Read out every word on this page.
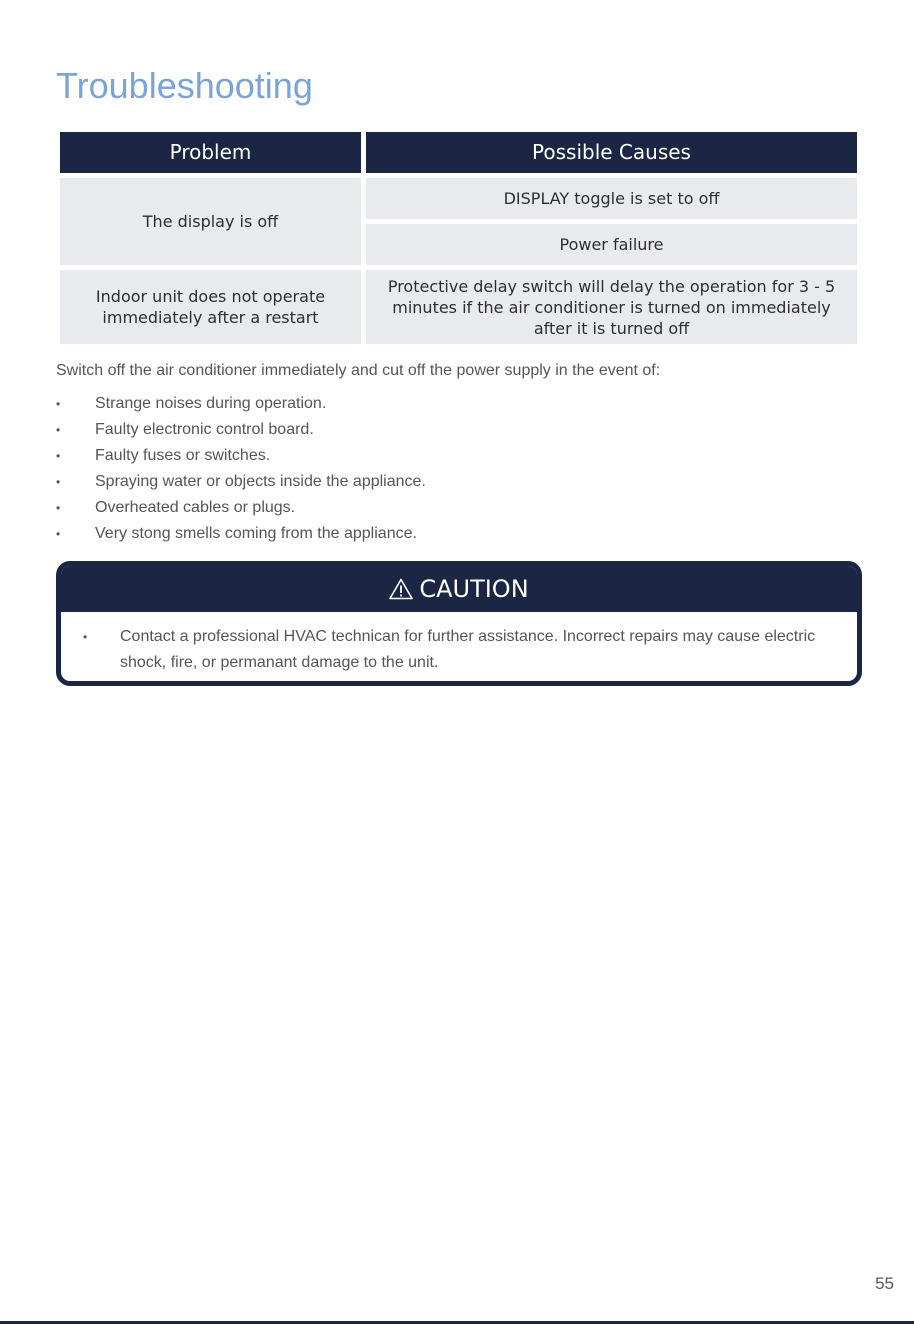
Troubleshooting
Problem	Possible Causes
The display is off
DISPLAY toggle is set to off
Power failure
Indoor unit does not operate immediately after a restart
Protective delay switch will delay the operation for 3 - 5 minutes if the air conditioner is turned on immediately after it is turned off

Switch off the air conditioner immediately and cut off the power supply in the event of:

• Strange noises during operation.
• Faulty electronic control board.
• Faulty fuses or switches.
• Spraying water or objects inside the appliance.
• Overheated cables or plugs.
• Very stong smells coming from the appliance.
CAUTION
• Contact a professional HVAC technican for further assistance. Incorrect repairs may cause electric shock, fire, or permanant damage to the unit.
55
